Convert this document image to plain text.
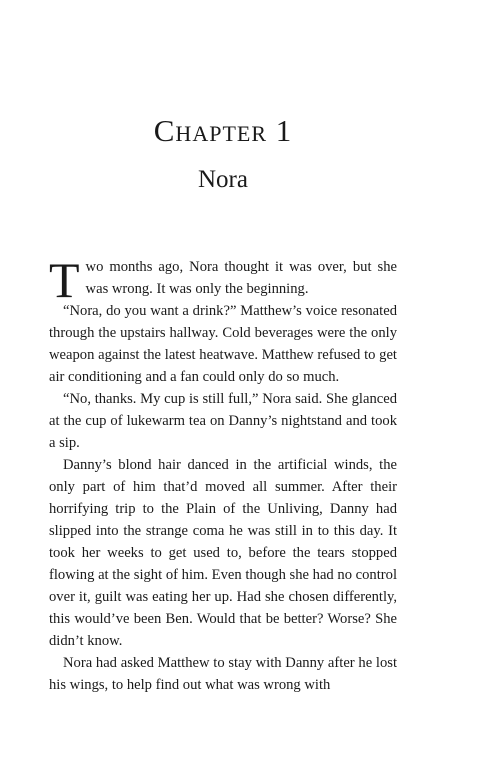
Chapter 1
Nora

Two months ago, Nora thought it was over, but she was wrong. It was only the beginning.

“Nora, do you want a drink?” Matthew’s voice resonated through the upstairs hallway. Cold beverages were the only weapon against the latest heatwave. Matthew refused to get air conditioning and a fan could only do so much.

“No, thanks. My cup is still full,” Nora said. She glanced at the cup of lukewarm tea on Danny’s nightstand and took a sip.

Danny’s blond hair danced in the artificial winds, the only part of him that’d moved all summer. After their horrifying trip to the Plain of the Unliving, Danny had slipped into the strange coma he was still in to this day. It took her weeks to get used to, before the tears stopped flowing at the sight of him. Even though she had no control over it, guilt was eating her up. Had she chosen differently, this would’ve been Ben. Would that be better? Worse? She didn’t know.

Nora had asked Matthew to stay with Danny after he lost his wings, to help find out what was wrong with
